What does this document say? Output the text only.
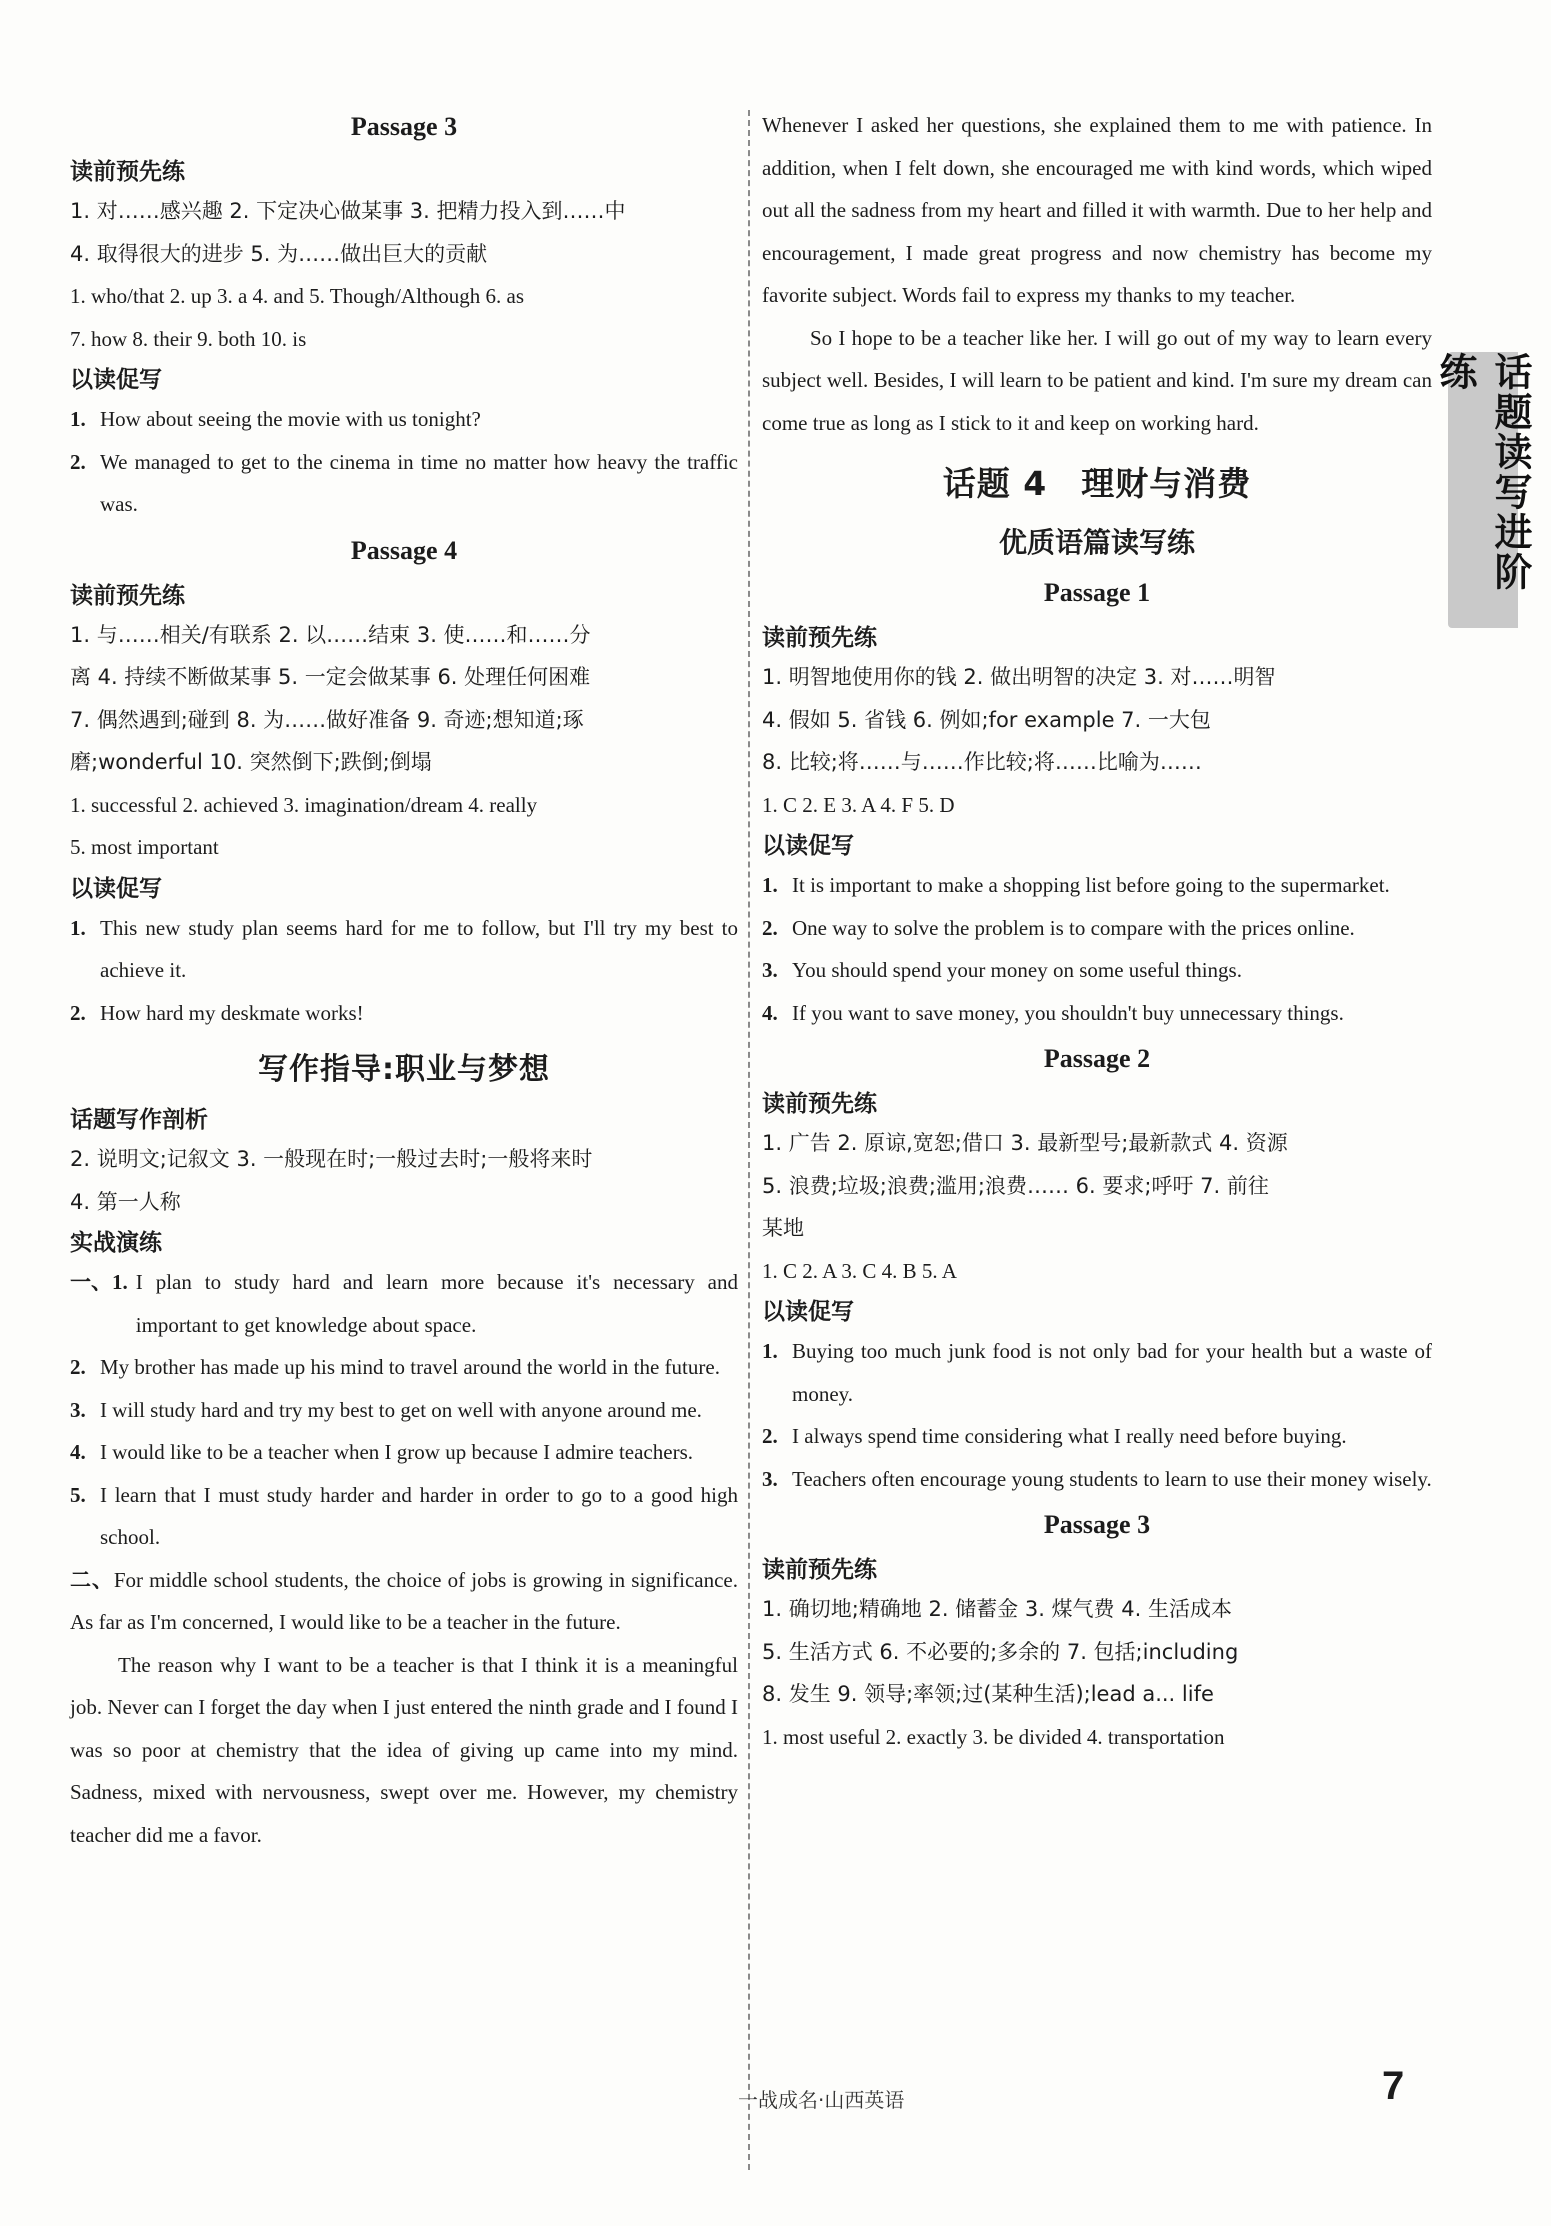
Passage 3
读前预先练
1. 对……感兴趣 2. 下定决心做某事 3. 把精力投入到……中
4. 取得很大的进步 5. 为……做出巨大的贡献
1. who/that 2. up 3. a 4. and 5. Though/Although 6. as
7. how 8. their 9. both 10. is
以读促写
1. How about seeing the movie with us tonight?
2. We managed to get to the cinema in time no matter how heavy the traffic was.
Passage 4
读前预先练
1. 与……相关/有联系 2. 以……结束 3. 使……和……分
离 4. 持续不断做某事 5. 一定会做某事 6. 处理任何困难
7. 偶然遇到;碰到 8. 为……做好准备 9. 奇迹;想知道;琢
磨;wonderful 10. 突然倒下;跌倒;倒塌
1. successful 2. achieved 3. imagination/dream 4. really
5. most important
以读促写
1. This new study plan seems hard for me to follow, but I'll try my best to achieve it.
2. How hard my deskmate works!
写作指导:职业与梦想
话题写作剖析
2. 说明文;记叙文 3. 一般现在时;一般过去时;一般将来时
4. 第一人称
实战演练
一、1. I plan to study hard and learn more because it's necessary and important to get knowledge about space.
2. My brother has made up his mind to travel around the world in the future.
3. I will study hard and try my best to get on well with anyone around me.
4. I would like to be a teacher when I grow up because I admire teachers.
5. I learn that I must study harder and harder in order to go to a good high school.
二、For middle school students, the choice of jobs is growing in significance. As far as I'm concerned, I would like to be a teacher in the future.
The reason why I want to be a teacher is that I think it is a meaningful job. Never can I forget the day when I just entered the ninth grade and I found I was so poor at chemistry that the idea of giving up came into my mind. Sadness, mixed with nervousness, swept over me. However, my chemistry teacher did me a favor.
Whenever I asked her questions, she explained them to me with patience. In addition, when I felt down, she encouraged me with kind words, which wiped out all the sadness from my heart and filled it with warmth. Due to her help and encouragement, I made great progress and now chemistry has become my favorite subject. Words fail to express my thanks to my teacher.
So I hope to be a teacher like her. I will go out of my way to learn every subject well. Besides, I will learn to be patient and kind. I'm sure my dream can come true as long as I stick to it and keep on working hard.
话题 4　理财与消费
优质语篇读写练
Passage 1
读前预先练
1. 明智地使用你的钱 2. 做出明智的决定 3. 对……明智
4. 假如 5. 省钱 6. 例如;for example 7. 一大包
8. 比较;将……与……作比较;将……比喻为……
1. C 2. E 3. A 4. F 5. D
以读促写
1. It is important to make a shopping list before going to the supermarket.
2. One way to solve the problem is to compare with the prices online.
3. You should spend your money on some useful things.
4. If you want to save money, you shouldn't buy unnecessary things.
Passage 2
读前预先练
1. 广告 2. 原谅,宽恕;借口 3. 最新型号;最新款式 4. 资源
5. 浪费;垃圾;浪费;滥用;浪费…… 6. 要求;呼吁 7. 前往
某地
1. C 2. A 3. C 4. B 5. A
以读促写
1. Buying too much junk food is not only bad for your health but a waste of money.
2. I always spend time considering what I really need before buying.
3. Teachers often encourage young students to learn to use their money wisely.
Passage 3
读前预先练
1. 确切地;精确地 2. 储蓄金 3. 煤气费 4. 生活成本
5. 生活方式 6. 不必要的;多余的 7. 包括;including
8. 发生 9. 领导;率领;过(某种生活);lead a... life
1. most useful 2. exactly 3. be divided 4. transportation
话题读写进阶练
一战成名·山西英语	7
